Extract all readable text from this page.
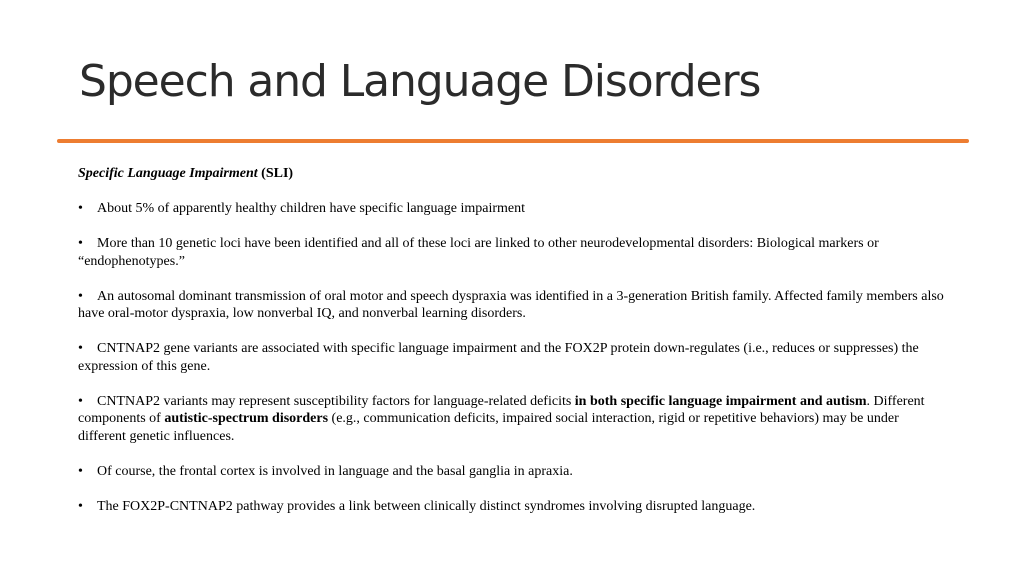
Speech and Language Disorders

Specific Language Impairment (SLI)

• About 5% of apparently healthy children have specific language impairment

• More than 10 genetic loci have been identified and all of these loci are linked to other neurodevelopmental disorders: Biological markers or “endophenotypes.”

• An autosomal dominant transmission of oral motor and speech dyspraxia was identified in a 3-generation British family. Affected family members also have oral-motor dyspraxia, low nonverbal IQ, and nonverbal learning disorders.

• CNTNAP2 gene variants are associated with specific language impairment and the FOX2P protein down-regulates (i.e., reduces or suppresses) the expression of this gene.

• CNTNAP2 variants may represent susceptibility factors for language-related deficits in both specific language impairment and autism. Different components of autistic-spectrum disorders (e.g., communication deficits, impaired social interaction, rigid or repetitive behaviors) may be under different genetic influences.

• Of course, the frontal cortex is involved in language and the basal ganglia in apraxia.

• The FOX2P-CNTNAP2 pathway provides a link between clinically distinct syndromes involving disrupted language.
